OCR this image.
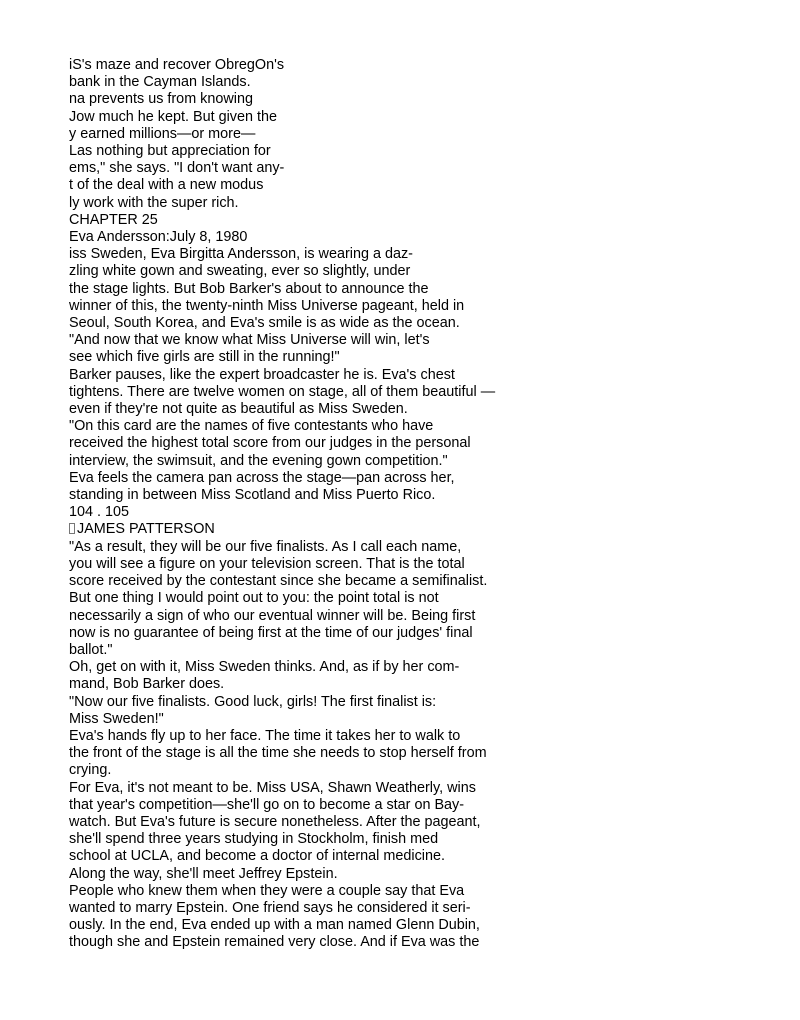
iS's maze and recover ObregOn's
bank in the Cayman Islands.
na prevents us from knowing
Jow much he kept. But given the
y earned millions—or more—
Las nothing but appreciation for
ems," she says. "I don't want any-
t of the deal with a new modus
ly work with the super rich.
CHAPTER 25
Eva Andersson:July 8, 1980
iss Sweden, Eva Birgitta Andersson, is wearing a daz-
zling white gown and sweating, ever so slightly, under
the stage lights. But Bob Barker's about to announce the
winner of this, the twenty-ninth Miss Universe pageant, held in
Seoul, South Korea, and Eva's smile is as wide as the ocean.
"And now that we know what Miss Universe will win, let's
see which five girls are still in the running!"
Barker pauses, like the expert broadcaster he is. Eva's chest
tightens. There are twelve women on stage, all of them beautiful —
even if they're not quite as beautiful as Miss Sweden.
"On this card are the names of five contestants who have
received the highest total score from our judges in the personal
interview, the swimsuit, and the evening gown competition."
Eva feels the camera pan across the stage—pan across her,
standing in between Miss Scotland and Miss Puerto Rico.
104 . 105
JAMES PATTERSON
"As a result, they will be our five finalists. As I call each name,
you will see a figure on your television screen. That is the total
score received by the contestant since she became a semifinalist.
But one thing I would point out to you: the point total is not
necessarily a sign of who our eventual winner will be. Being first
now is no guarantee of being first at the time of our judges' final
ballot."
Oh, get on with it, Miss Sweden thinks. And, as if by her com-
mand, Bob Barker does.
"Now our five finalists. Good luck, girls! The first finalist is:
Miss Sweden!"
Eva's hands fly up to her face. The time it takes her to walk to
the front of the stage is all the time she needs to stop herself from
crying.
For Eva, it's not meant to be. Miss USA, Shawn Weatherly, wins
that year's competition—she'll go on to become a star on Bay-
watch. But Eva's future is secure nonetheless. After the pageant,
she'll spend three years studying in Stockholm, finish med
school at UCLA, and become a doctor of internal medicine.
Along the way, she'll meet Jeffrey Epstein.
People who knew them when they were a couple say that Eva
wanted to marry Epstein. One friend says he considered it seri-
ously. In the end, Eva ended up with a man named Glenn Dubin,
though she and Epstein remained very close. And if Eva was the
